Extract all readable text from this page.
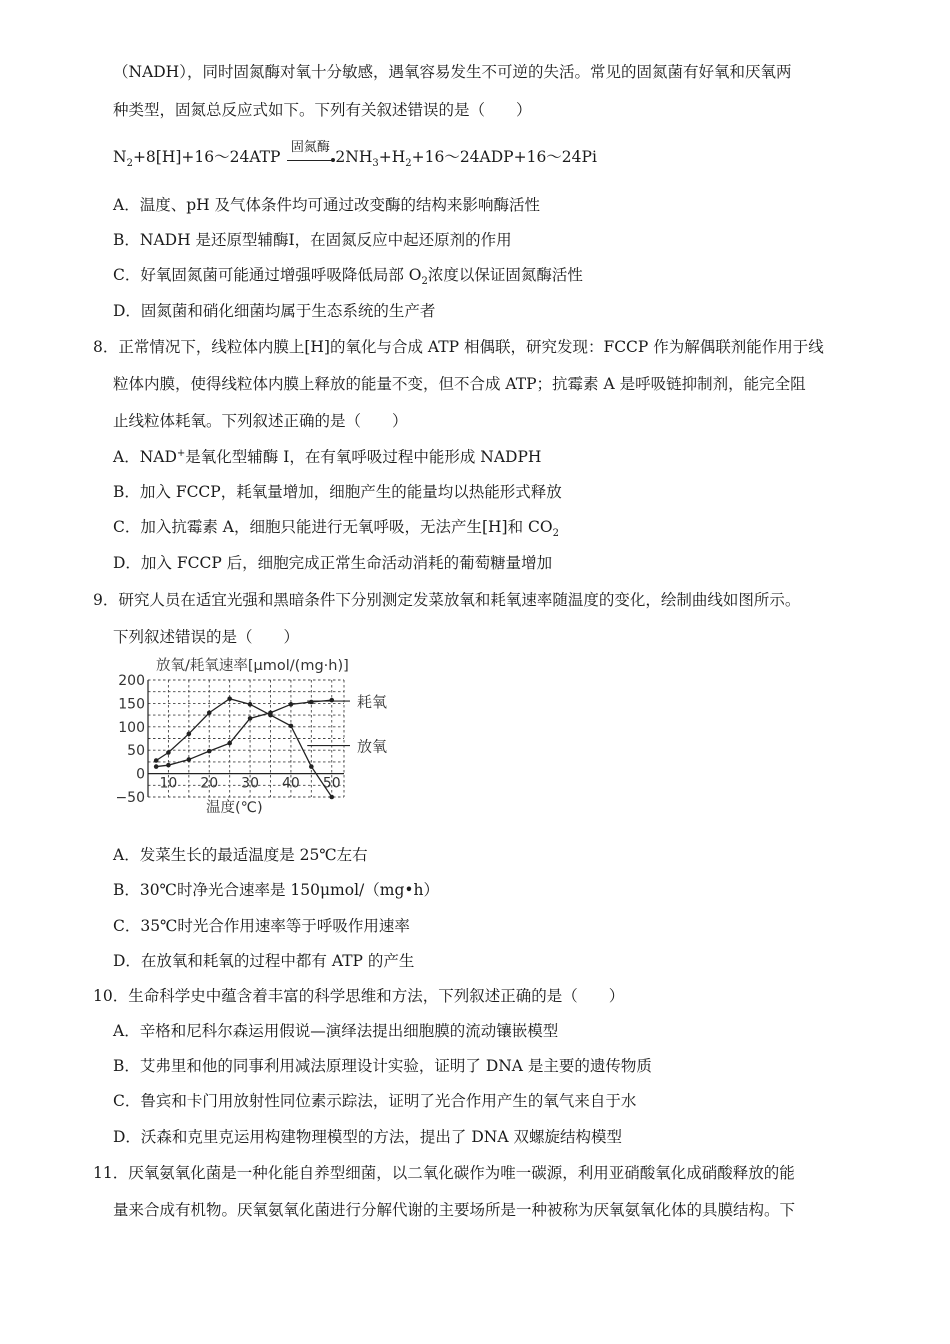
（NADH），同时固氮酶对氧十分敏感，遇氧容易发生不可逆的失活。常见的固氮菌有好氧和厌氧两
种类型，固氮总反应式如下。下列有关叙述错误的是（　　）
$N_2+8[H]+16\sim 24ATP$
固氮酶
$2NH_3+H_2+16\sim 24ADP+16\sim 24Pi$
A．温度、pH 及气体条件均可通过改变酶的结构来影响酶活性
B．NADH 是还原型辅酶Ⅰ，在固氮反应中起还原剂的作用
C．好氧固氮菌可能通过增强呼吸降低局部 $O_2$浓度以保证固氮酶活性
D．固氮菌和硝化细菌均属于生态系统的生产者
8．正常情况下，线粒体内膜上[H]的氧化与合成 ATP 相偶联，研究发现：FCCP 作为解偶联剂能作用于线
粒体内膜，使得线粒体内膜上释放的能量不变，但不合成 ATP；抗霉素 A 是呼吸链抑制剂，能完全阻
止线粒体耗氧。下列叙述正确的是（　　）
A．NAD+是氧化型辅酶 I，在有氧呼吸过程中能形成 NADPH
B．加入 FCCP，耗氧量增加，细胞产生的能量均以热能形式释放
C．加入抗霉素 A，细胞只能进行无氧呼吸，无法产生[H]和 $CO_2$
D．加入 FCCP 后，细胞完成正常生命活动消耗的葡萄糖量增加
9．研究人员在适宜光强和黑暗条件下分别测定发菜放氧和耗氧速率随温度的变化，绘制曲线如图所示。
下列叙述错误的是（　　）
放氧/耗氧速率[μmol/(mg·h)]
200
150
100
50
0
−50
10 20 30 40 50
耗氧
放氧
温度(℃)
A．发菜生长的最适温度是 25℃左右
B．30℃时净光合速率是 150μmol/（mg•h）
C．35℃时光合作用速率等于呼吸作用速率
D．在放氧和耗氧的过程中都有 ATP 的产生
10．生命科学史中蕴含着丰富的科学思维和方法，下列叙述正确的是（　　）
A．辛格和尼科尔森运用假说—演绎法提出细胞膜的流动镶嵌模型
B．艾弗里和他的同事利用减法原理设计实验，证明了 DNA 是主要的遗传物质
C．鲁宾和卡门用放射性同位素示踪法，证明了光合作用产生的氧气来自于水
D．沃森和克里克运用构建物理模型的方法，提出了 DNA 双螺旋结构模型
11．厌氧氨氧化菌是一种化能自养型细菌，以二氧化碳作为唯一碳源，利用亚硝酸氧化成硝酸释放的能
量来合成有机物。厌氧氨氧化菌进行分解代谢的主要场所是一种被称为厌氧氨氧化体的具膜结构。下
